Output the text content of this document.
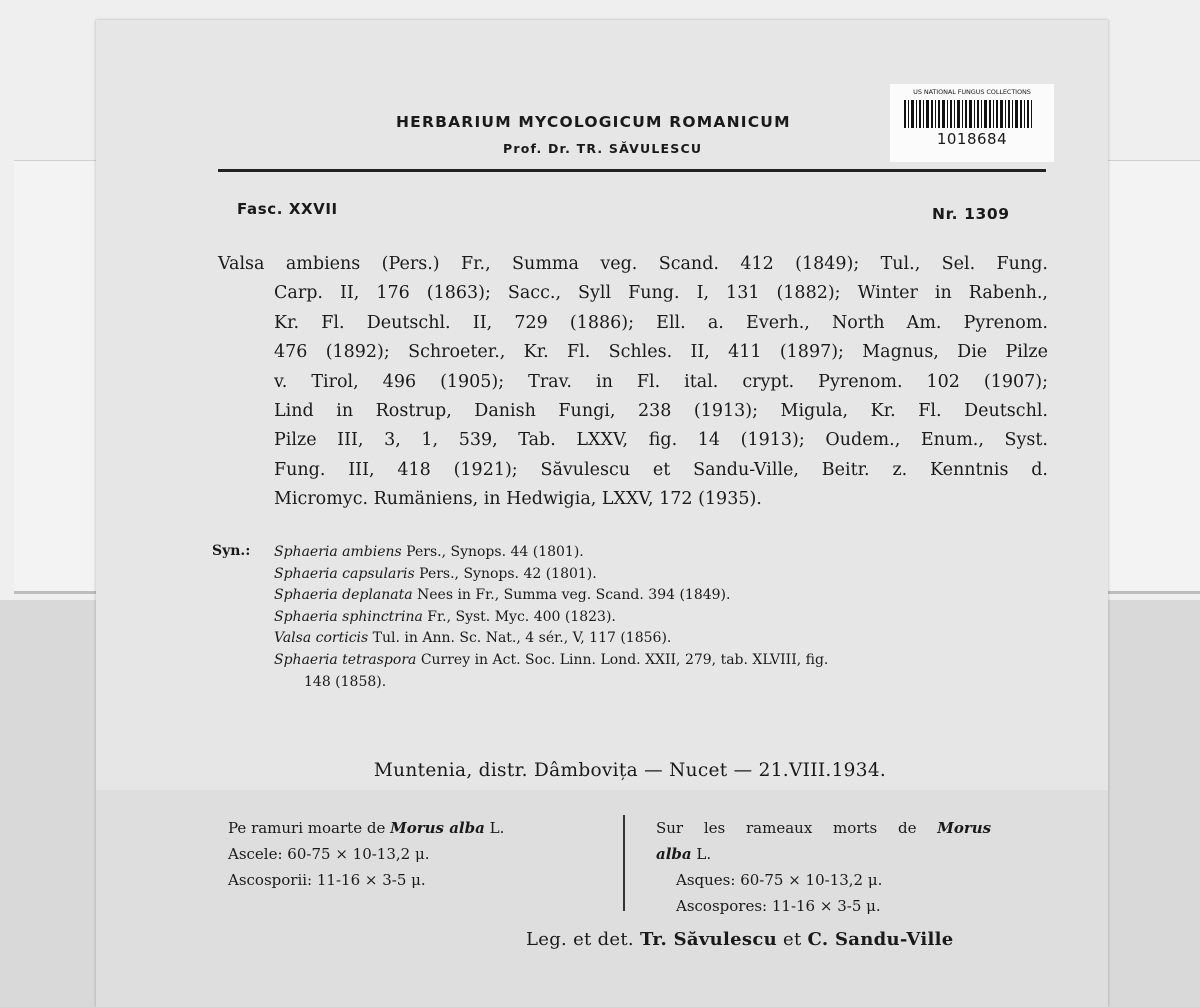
HERBARIUM MYCOLOGICUM ROMANICUM
Prof. Dr. TR. SĂVULESCU
US NATIONAL FUNGUS COLLECTIONS
1018684
Fasc. XXVII	Nr. 1309
Valsa ambiens (Pers.) Fr., Summa veg. Scand. 412 (1849); Tul., Sel. Fung.
Carp. II, 176 (1863); Sacc., Syll Fung. I, 131 (1882); Winter in Rabenh.,
Kr. Fl. Deutschl. II, 729 (1886); Ell. a. Everh., North Am. Pyrenom.
476 (1892); Schroeter., Kr. Fl. Schles. II, 411 (1897); Magnus, Die Pilze
v. Tirol, 496 (1905); Trav. in Fl. ital. crypt. Pyrenom. 102 (1907);
Lind in Rostrup, Danish Fungi, 238 (1913); Migula, Kr. Fl. Deutschl.
Pilze III, 3, 1, 539, Tab. LXXV, fig. 14 (1913); Oudem., Enum., Syst.
Fung. III, 418 (1921); Săvulescu et Sandu-Ville, Beitr. z. Kenntnis d.
Micromyc. Rumäniens, in Hedwigia, LXXV, 172 (1935).
Syn.: Sphaeria ambiens Pers., Synops. 44 (1801).
Sphaeria capsularis Pers., Synops. 42 (1801).
Sphaeria deplanata Nees in Fr., Summa veg. Scand. 394 (1849).
Sphaeria sphinctrina Fr., Syst. Myc. 400 (1823).
Valsa corticis Tul. in Ann. Sc. Nat., 4 sér., V, 117 (1856).
Sphaeria tetraspora Currey in Act. Soc. Linn. Lond. XXII, 279, tab. XLVIII, fig.
148 (1858).
Muntenia, distr. Dâmbovița — Nucet — 21.VIII.1934.
Pe ramuri moarte de Morus alba L.
Ascele: 60-75 × 10-13,2 μ.
Ascosporii: 11-16 × 3-5 μ.
Sur les rameaux morts de Morus
alba L.
Asques: 60-75 × 10-13,2 μ.
Ascospores: 11-16 × 3-5 μ.
Leg. et det. Tr. Săvulescu et C. Sandu-Ville
